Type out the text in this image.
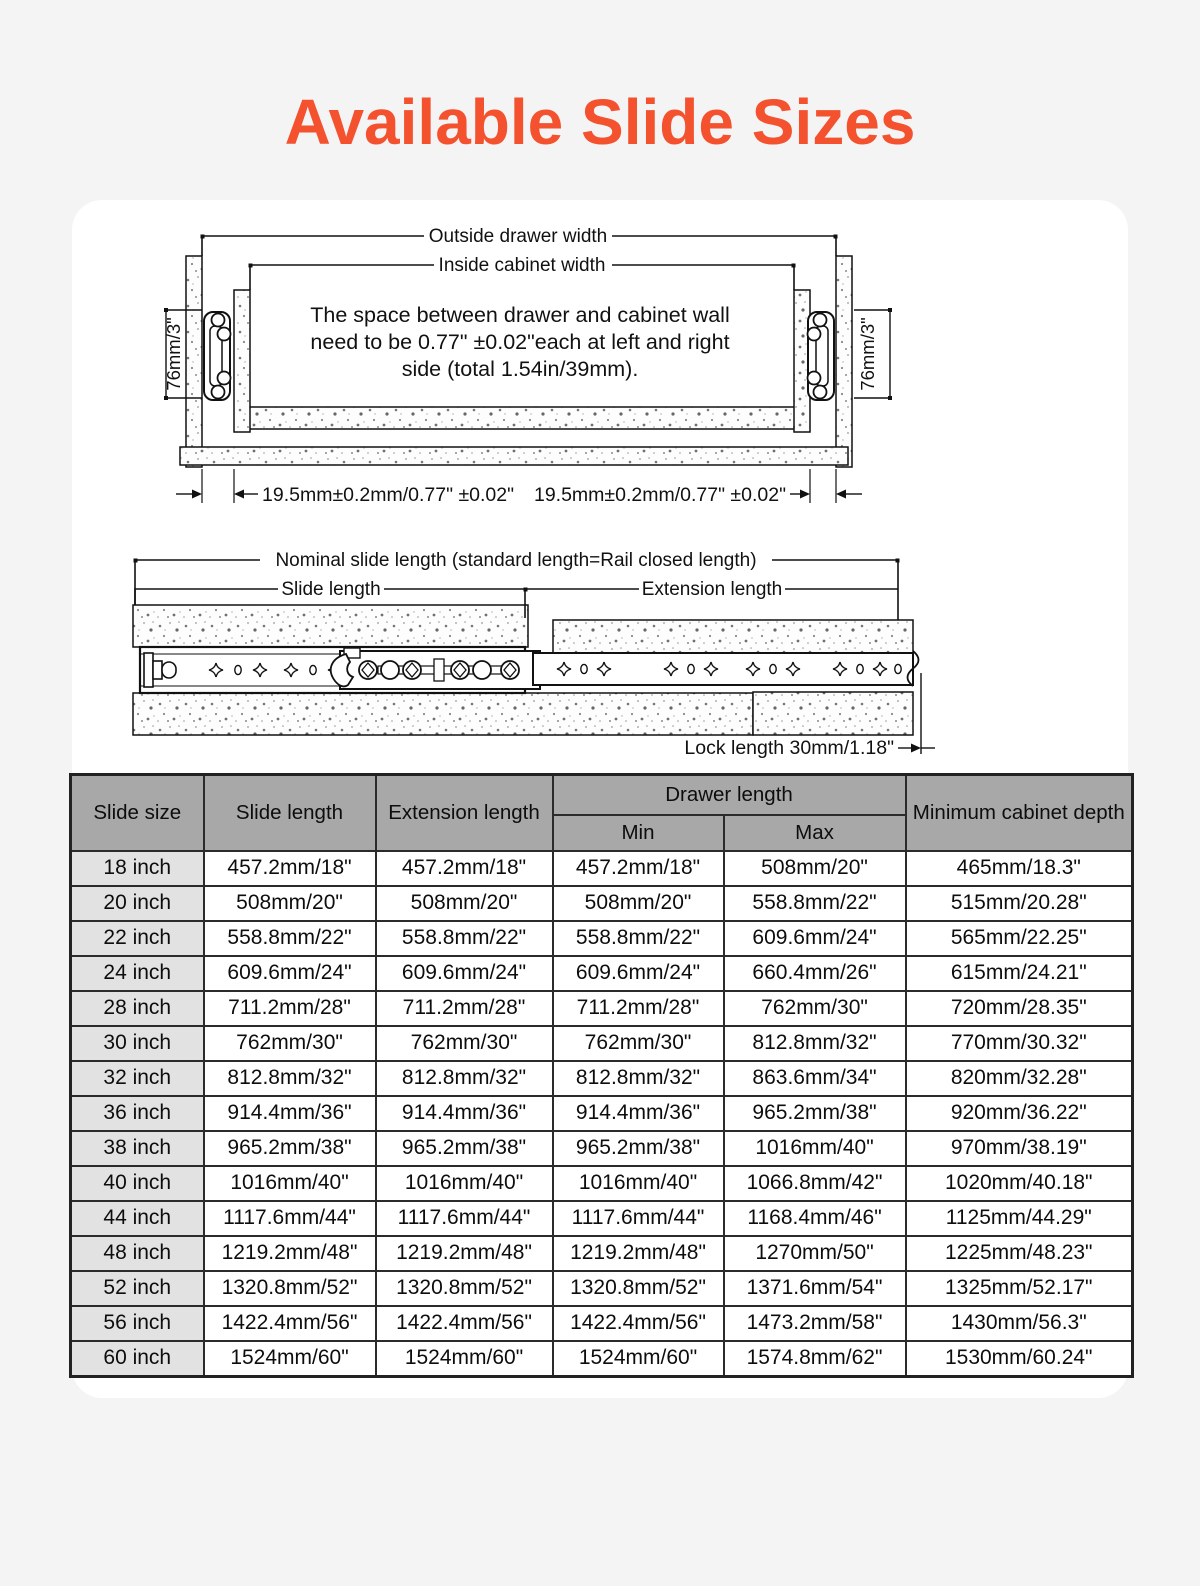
Available Slide Sizes
Outside drawer width
Inside cabinet width
The space between drawer and cabinet wall
need to be 0.77" ±0.02"each at left and right
side (total 1.54in/39mm).
76mm/3"	76mm/3"
19.5mm±0.2mm/0.77" ±0.02" 19.5mm±0.2mm/0.77" ±0.02"
Nominal slide length (standard length=Rail closed length)
Slide length	Extension length
Lock length 30mm/1.18"
Slide size	Slide length	Extension length	Drawer length		Minimum cabinet depth
			Min	Max	
18 inch	457.2mm/18"	457.2mm/18"	457.2mm/18"	508mm/20"	465mm/18.3"
20 inch	508mm/20"	508mm/20"	508mm/20"	558.8mm/22"	515mm/20.28"
22 inch	558.8mm/22"	558.8mm/22"	558.8mm/22"	609.6mm/24"	565mm/22.25"
24 inch	609.6mm/24"	609.6mm/24"	609.6mm/24"	660.4mm/26"	615mm/24.21"
28 inch	711.2mm/28"	711.2mm/28"	711.2mm/28"	762mm/30"	720mm/28.35"
30 inch	762mm/30"	762mm/30"	762mm/30"	812.8mm/32"	770mm/30.32"
32 inch	812.8mm/32"	812.8mm/32"	812.8mm/32"	863.6mm/34"	820mm/32.28"
36 inch	914.4mm/36"	914.4mm/36"	914.4mm/36"	965.2mm/38"	920mm/36.22"
38 inch	965.2mm/38"	965.2mm/38"	965.2mm/38"	1016mm/40"	970mm/38.19"
40 inch	1016mm/40"	1016mm/40"	1016mm/40"	1066.8mm/42"	1020mm/40.18"
44 inch	1117.6mm/44"	1117.6mm/44"	1117.6mm/44"	1168.4mm/46"	1125mm/44.29"
48 inch	1219.2mm/48"	1219.2mm/48"	1219.2mm/48"	1270mm/50"	1225mm/48.23"
52 inch	1320.8mm/52"	1320.8mm/52"	1320.8mm/52"	1371.6mm/54"	1325mm/52.17"
56 inch	1422.4mm/56"	1422.4mm/56"	1422.4mm/56"	1473.2mm/58"	1430mm/56.3"
60 inch	1524mm/60"	1524mm/60"	1524mm/60"	1574.8mm/62"	1530mm/60.24"
